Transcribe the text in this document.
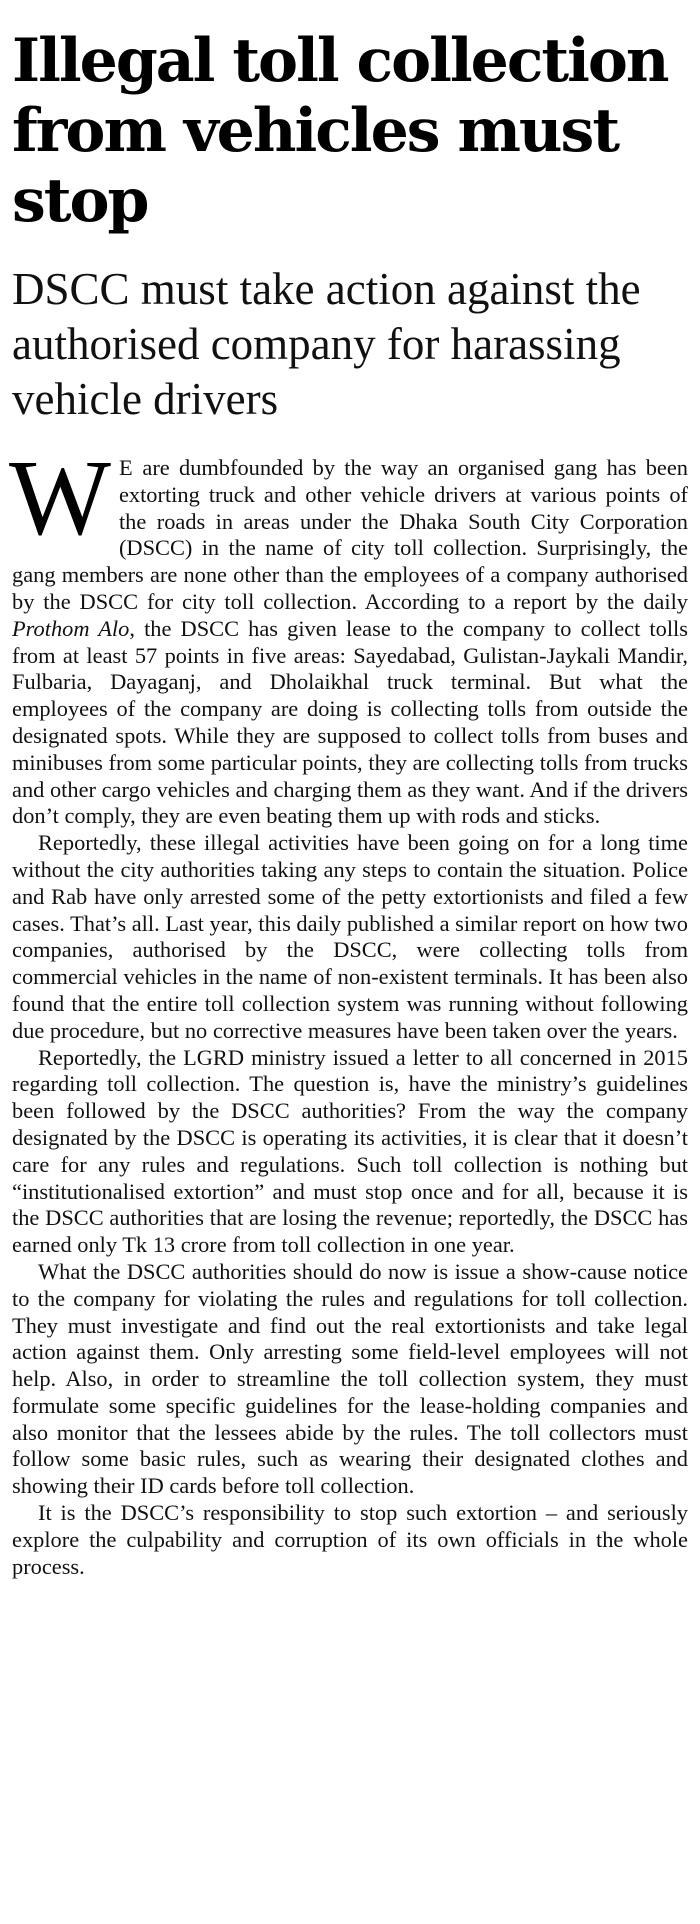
Illegal toll collection from vehicles must stop
DSCC must take action against the authorised company for harassing vehicle drivers

W E are dumbfounded by the way an organised gang has been extorting truck and other vehicle drivers at various points of the roads in areas under the Dhaka South City Corporation (DSCC) in the name of city toll collection. Surprisingly, the gang members are none other than the employees of a company authorised by the DSCC for city toll collection. According to a report by the daily Prothom Alo, the DSCC has given lease to the company to collect tolls from at least 57 points in five areas: Sayedabad, Gulistan-Jaykali Mandir, Fulbaria, Dayaganj, and Dholaikhal truck terminal. But what the employees of the company are doing is collecting tolls from outside the designated spots. While they are supposed to collect tolls from buses and minibuses from some particular points, they are collecting tolls from trucks and other cargo vehicles and charging them as they want. And if the drivers don’t comply, they are even beating them up with rods and sticks.

Reportedly, these illegal activities have been going on for a long time without the city authorities taking any steps to contain the situation. Police and Rab have only arrested some of the petty extortionists and filed a few cases. That’s all. Last year, this daily published a similar report on how two companies, authorised by the DSCC, were collecting tolls from commercial vehicles in the name of non-existent terminals. It has been also found that the entire toll collection system was running without following due procedure, but no corrective measures have been taken over the years.

Reportedly, the LGRD ministry issued a letter to all concerned in 2015 regarding toll collection. The question is, have the ministry’s guidelines been followed by the DSCC authorities? From the way the company designated by the DSCC is operating its activities, it is clear that it doesn’t care for any rules and regulations. Such toll collection is nothing but “institutionalised extortion” and must stop once and for all, because it is the DSCC authorities that are losing the revenue; reportedly, the DSCC has earned only Tk 13 crore from toll collection in one year.

What the DSCC authorities should do now is issue a show-cause notice to the company for violating the rules and regulations for toll collection. They must investigate and find out the real extortionists and take legal action against them. Only arresting some field-level employees will not help. Also, in order to streamline the toll collection system, they must formulate some specific guidelines for the lease-holding companies and also monitor that the lessees abide by the rules. The toll collectors must follow some basic rules, such as wearing their designated clothes and showing their ID cards before toll collection.

It is the DSCC’s responsibility to stop such extortion – and seriously explore the culpability and corruption of its own officials in the whole process.
